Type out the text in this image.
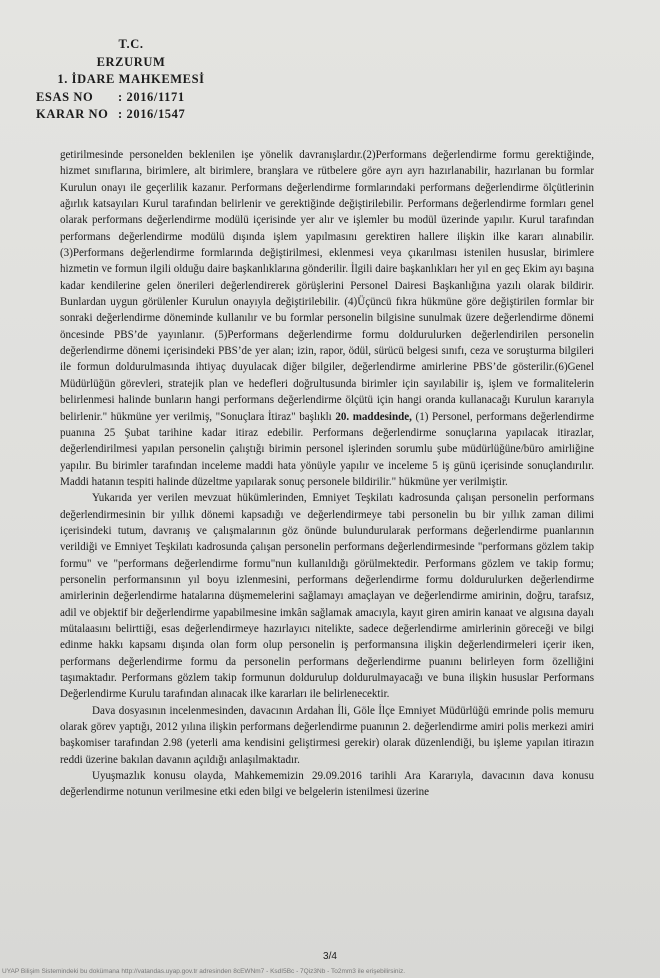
T.C.
ERZURUM
1. İDARE MAHKEMESİ
ESAS NO	: 2016/1171
KARAR NO : 2016/1547

getirilmesinde personelden beklenilen işe yönelik davranışlardır.(2)Performans değerlendirme formu gerektiğinde, hizmet sınıflarına, birimlere, alt birimlere, branşlara ve rütbelere göre ayrı ayrı hazırlanabilir, hazırlanan bu formlar Kurulun onayı ile geçerlilik kazanır. Performans değerlendirme formlarındaki performans değerlendirme ölçütlerinin ağırlık katsayıları Kurul tarafından belirlenir ve gerektiğinde değiştirilebilir. Performans değerlendirme formları genel olarak performans değerlendirme modülü içerisinde yer alır ve işlemler bu modül üzerinde yapılır. Kurul tarafından performans değerlendirme modülü dışında işlem yapılmasını gerektiren hallere ilişkin ilke kararı alınabilir. (3)Performans değerlendirme formlarında değiştirilmesi, eklenmesi veya çıkarılması istenilen hususlar, birimlere hizmetin ve formun ilgili olduğu daire başkanlıklarına gönderilir. İlgili daire başkanlıkları her yıl en geç Ekim ayı başına kadar kendilerine gelen önerileri değerlendirerek görüşlerini Personel Dairesi Başkanlığına yazılı olarak bildirir. Bunlardan uygun görülenler Kurulun onayıyla değiştirilebilir. (4)Üçüncü fıkra hükmüne göre değiştirilen formlar bir sonraki değerlendirme döneminde kullanılır ve bu formlar personelin bilgisine sunulmak üzere değerlendirme dönemi öncesinde PBS’de yayınlanır. (5)Performans değerlendirme formu doldurulurken değerlendirilen personelin değerlendirme dönemi içerisindeki PBS’de yer alan; izin, rapor, ödül, sürücü belgesi sınıfı, ceza ve soruşturma bilgileri ile formun doldurulmasında ihtiyaç duyulacak diğer bilgiler, değerlendirme amirlerine PBS’de gösterilir.(6)Genel Müdürlüğün görevleri, stratejik plan ve hedefleri doğrultusunda birimler için sayılabilir iş, işlem ve formalitelerin belirlenmesi halinde bunların hangi performans değerlendirme ölçütü için hangi oranda kullanacağı Kurulun kararıyla belirlenir." hükmüne yer verilmiş, "Sonuçlara İtiraz" başlıklı 20. maddesinde, (1) Personel, performans değerlendirme puanına 25 Şubat tarihine kadar itiraz edebilir. Performans değerlendirme sonuçlarına yapılacak itirazlar, değerlendirilmesi yapılan personelin çalıştığı birimin personel işlerinden sorumlu şube müdürlüğüne/büro amirliğine yapılır. Bu birimler tarafından inceleme maddi hata yönüyle yapılır ve inceleme 5 iş günü içerisinde sonuçlandırılır. Maddi hatanın tespiti halinde düzeltme yapılarak sonuç personele bildirilir." hükmüne yer verilmiştir.

Yukarıda yer verilen mevzuat hükümlerinden, Emniyet Teşkilatı kadrosunda çalışan personelin performans değerlendirmesinin bir yıllık dönemi kapsadığı ve değerlendirmeye tabi personelin bu bir yıllık zaman dilimi içerisindeki tutum, davranış ve çalışmalarının göz önünde bulundurularak performans değerlendirme puanlarının verildiği ve Emniyet Teşkilatı kadrosunda çalışan personelin performans değerlendirmesinde "performans gözlem takip formu" ve "performans değerlendirme formu"nun kullanıldığı görülmektedir. Performans gözlem ve takip formu; personelin performansının yıl boyu izlenmesini, performans değerlendirme formu doldurulurken değerlendirme amirlerinin değerlendirme hatalarına düşmemelerini sağlamayı amaçlayan ve değerlendirme amirinin, doğru, tarafsız, adil ve objektif bir değerlendirme yapabilmesine imkân sağlamak amacıyla, kayıt giren amirin kanaat ve algısına dayalı mütalaasını belirttiği, esas değerlendirmeye hazırlayıcı nitelikte, sadece değerlendirme amirlerinin göreceği ve bilgi edinme hakkı kapsamı dışında olan form olup personelin iş performansına ilişkin değerlendirmeleri içerir iken, performans değerlendirme formu da personelin performans değerlendirme puanını belirleyen form özelliğini taşımaktadır. Performans gözlem takip formunun doldurulup doldurulmayacağı ve buna ilişkin hususlar Performans Değerlendirme Kurulu tarafından alınacak ilke kararları ile belirlenecektir.

Dava dosyasının incelenmesinden, davacının Ardahan İli, Göle İlçe Emniyet Müdürlüğü emrinde polis memuru olarak görev yaptığı, 2012 yılına ilişkin performans değerlendirme puanının 2. değerlendirme amiri polis merkezi amiri başkomiser tarafından 2.98 (yeterli ama kendisini geliştirmesi gerekir) olarak düzenlendiği, bu işleme yapılan itirazın reddi üzerine bakılan davanın açıldığı anlaşılmaktadır.

Uyuşmazlık konusu olayda, Mahkememizin 29.09.2016 tarihli Ara Kararıyla, davacının dava konusu değerlendirme notunun verilmesine etki eden bilgi ve belgelerin istenilmesi üzerine

3/4
UYAP Bilişim Sistemindeki bu dokümana http://vatandas.uyap.gov.tr adresinden 8cEWNm7 - KsdI5Bc - 7Qiz3Nb - To2mm3 ile erişebilirsiniz.
